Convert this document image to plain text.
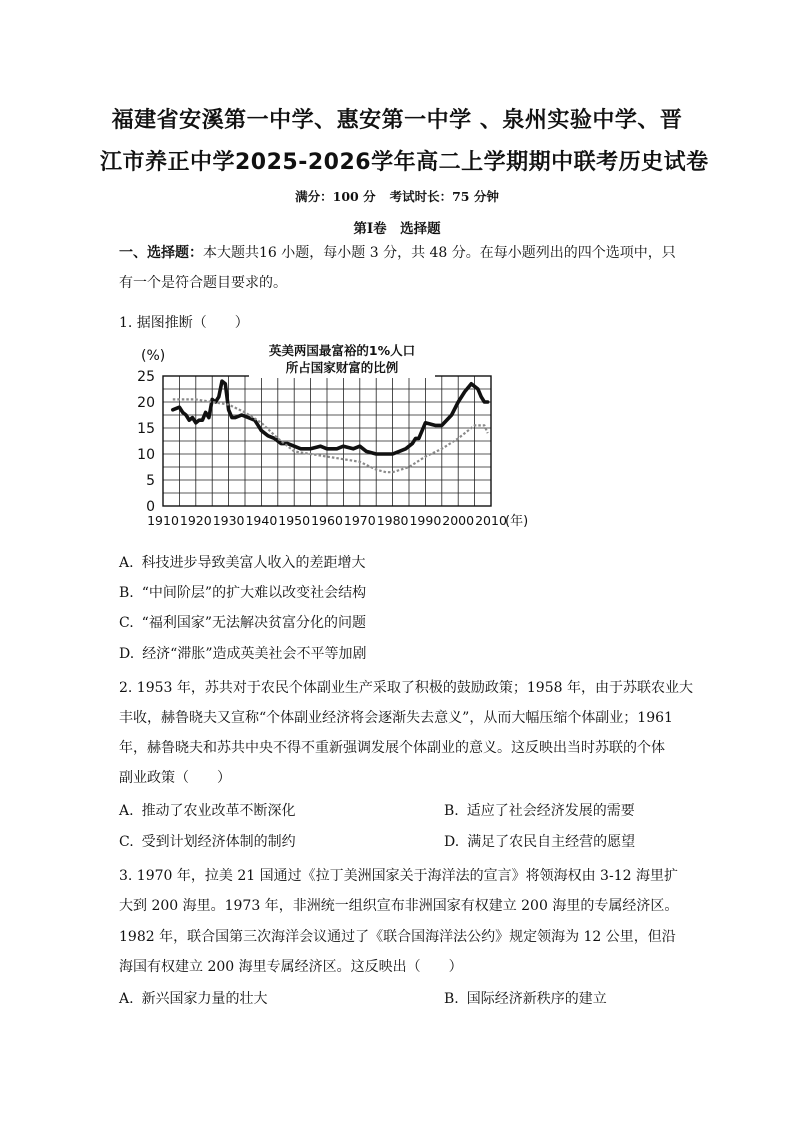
福建省安溪第一中学、惠安第一中学 、泉州实验中学、晋
江市养正中学2025-2026学年高二上学期期中联考历史试卷
满分：100 分 考试时长：75 分钟
第Ⅰ卷　选择题
一、选择题：本大题共16 小题，每小题 3 分，共 48 分。在每小题列出的四个选项中，只
有一个是符合题目要求的。
1. 据图推断（　　）
0
5
10
15
20
25
1910 1920 1930 1940 1950 1960 1970 1980 1990 2000 2010
(%)
(年)
英美两国最富裕的1%人口
所占国家财富的比例
A. 科技进步导致美富人收入的差距增大
B. “中间阶层”的扩大难以改变社会结构
C. “福利国家”无法解决贫富分化的问题
D. 经济“滞胀”造成英美社会不平等加剧
2. 1953 年，苏共对于农民个体副业生产采取了积极的鼓励政策；1958 年，由于苏联农业大
丰收，赫鲁晓夫又宣称“个体副业经济将会逐渐失去意义”，从而大幅压缩个体副业；1961
年，赫鲁晓夫和苏共中央不得不重新强调发展个体副业的意义。这反映出当时苏联的个体
副业政策（　　）
A. 推动了农业改革不断深化	B. 适应了社会经济发展的需要
C. 受到计划经济体制的制约	D. 满足了农民自主经营的愿望
3. 1970 年，拉美 21 国通过《拉丁美洲国家关于海洋法的宣言》将领海权由 3-12 海里扩
大到 200 海里。1973 年，非洲统一组织宣布非洲国家有权建立 200 海里的专属经济区。
1982 年，联合国第三次海洋会议通过了《联合国海洋法公约》规定领海为 12 公里，但沿
海国有权建立 200 海里专属经济区。这反映出（　　）
A. 新兴国家力量的壮大	B. 国际经济新秩序的建立
